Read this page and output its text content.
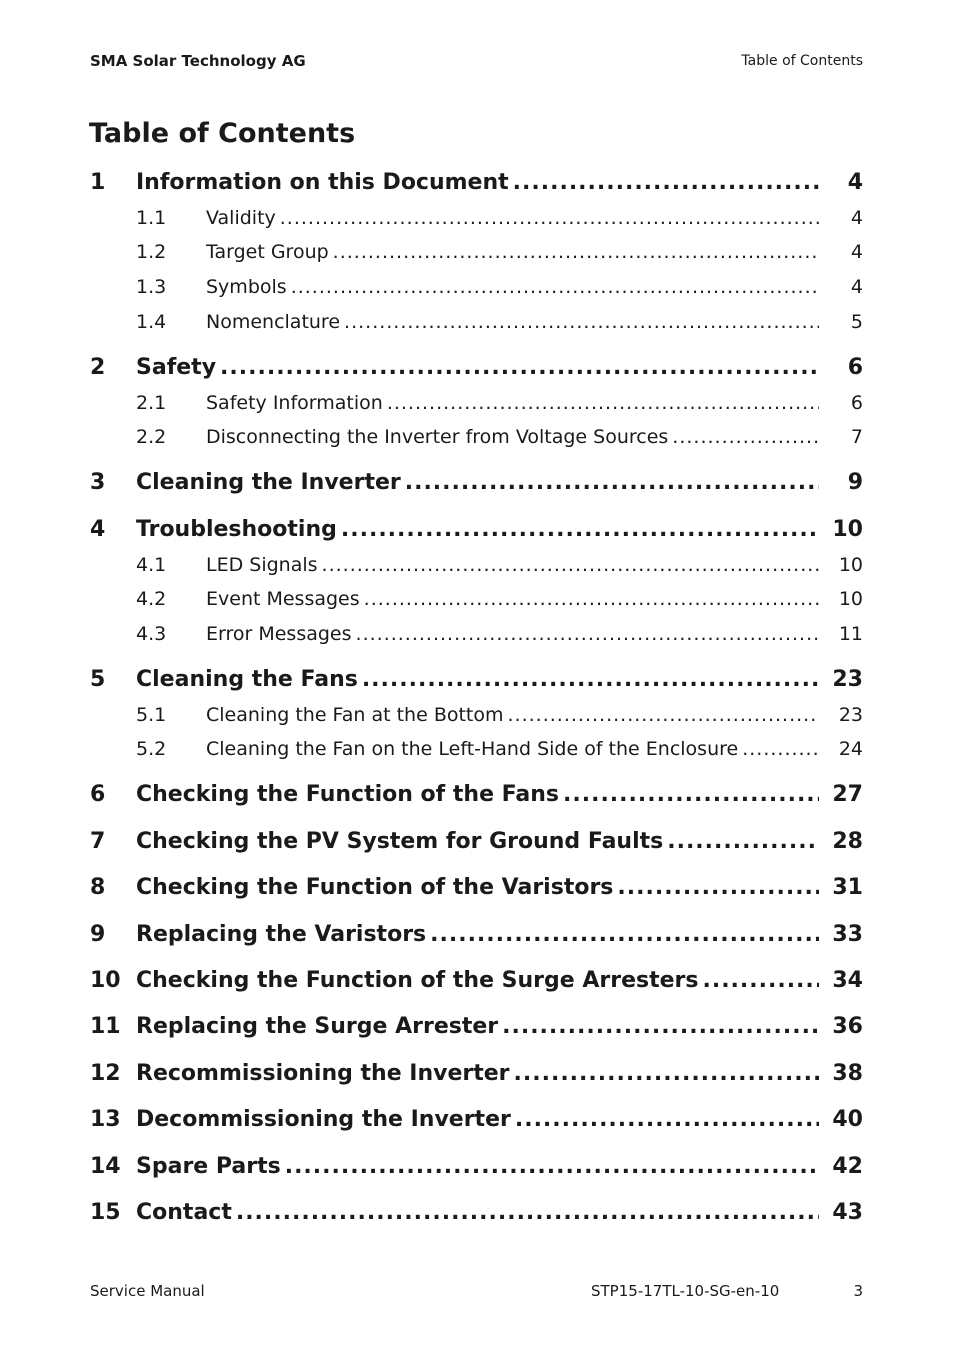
SMA Solar Technology AG	Table of Contents
Table of Contents
1	Information on this Document .....	4
1.1	Validity .....	4
1.2	Target Group .....	4
1.3	Symbols .....	4
1.4	Nomenclature .....	5
2	Safety .....	6
2.1	Safety Information .....	6
2.2	Disconnecting the Inverter from Voltage Sources .....	7
3	Cleaning the Inverter .....	9
4	Troubleshooting .....	10
4.1	LED Signals .....	10
4.2	Event Messages .....	10
4.3	Error Messages .....	11
5	Cleaning the Fans .....	23
5.1	Cleaning the Fan at the Bottom .....	23
5.2	Cleaning the Fan on the Left-Hand Side of the Enclosure .....	24
6	Checking the Function of the Fans .....	27
7	Checking the PV System for Ground Faults .....	28
8	Checking the Function of the Varistors .....	31
9	Replacing the Varistors .....	33
10 Checking the Function of the Surge Arresters .....	34
11 Replacing the Surge Arrester .....	36
12 Recommissioning the Inverter .....	38
13 Decommissioning the Inverter .....	40
14 Spare Parts .....	42
15 Contact .....	43
Service Manual	STP15-17TL-10-SG-en-10	3
